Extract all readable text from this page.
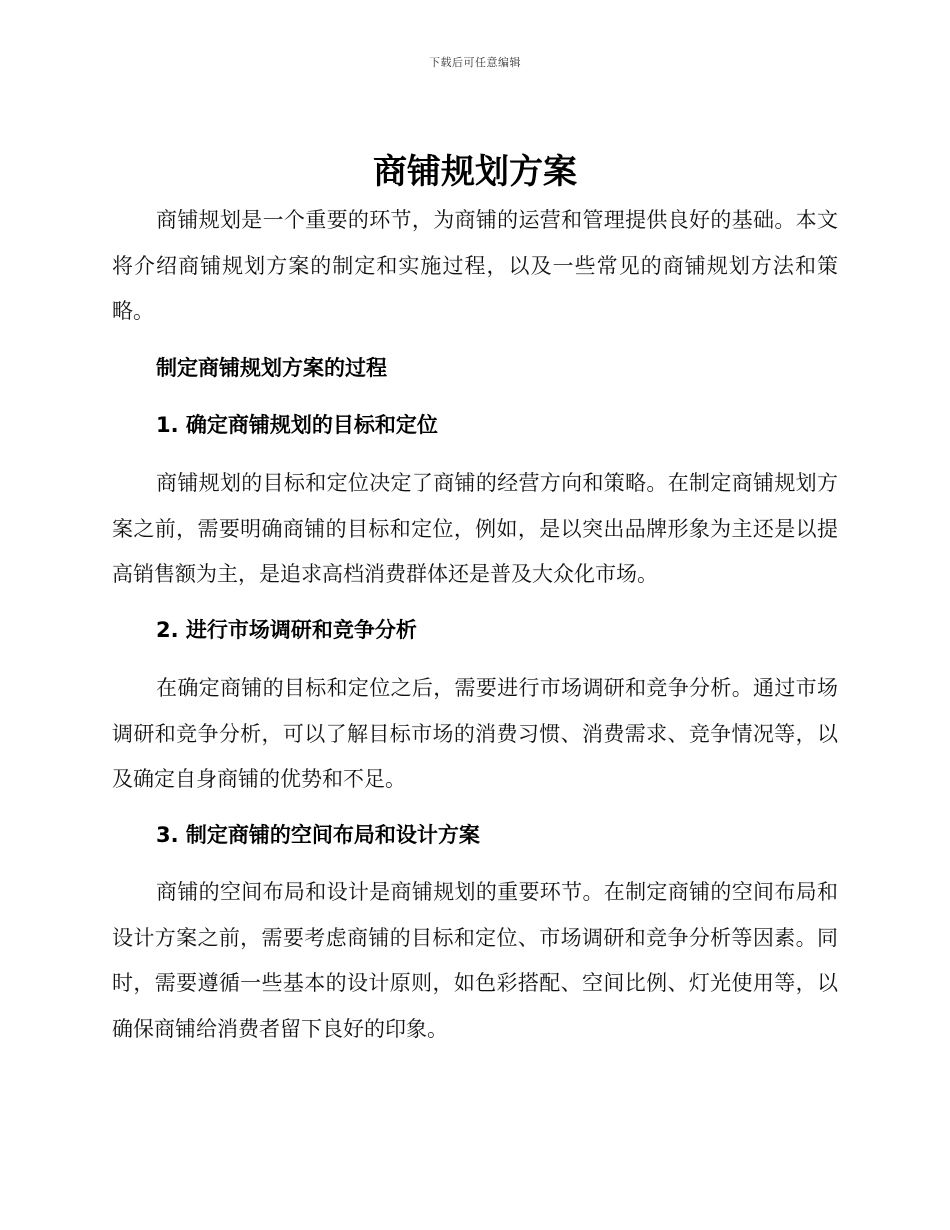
下载后可任意编辑
商铺规划方案

商铺规划是一个重要的环节，为商铺的运营和管理提供良好的基础。本文将介绍商铺规划方案的制定和实施过程，以及一些常见的商铺规划方法和策略。

制定商铺规划方案的过程
1. 确定商铺规划的目标和定位

商铺规划的目标和定位决定了商铺的经营方向和策略。在制定商铺规划方案之前，需要明确商铺的目标和定位，例如，是以突出品牌形象为主还是以提高销售额为主，是追求高档消费群体还是普及大众化市场。

2. 进行市场调研和竞争分析

在确定商铺的目标和定位之后，需要进行市场调研和竞争分析。通过市场调研和竞争分析，可以了解目标市场的消费习惯、消费需求、竞争情况等，以及确定自身商铺的优势和不足。

3. 制定商铺的空间布局和设计方案

商铺的空间布局和设计是商铺规划的重要环节。在制定商铺的空间布局和设计方案之前，需要考虑商铺的目标和定位、市场调研和竞争分析等因素。同时，需要遵循一些基本的设计原则，如色彩搭配、空间比例、灯光使用等，以确保商铺给消费者留下良好的印象。
